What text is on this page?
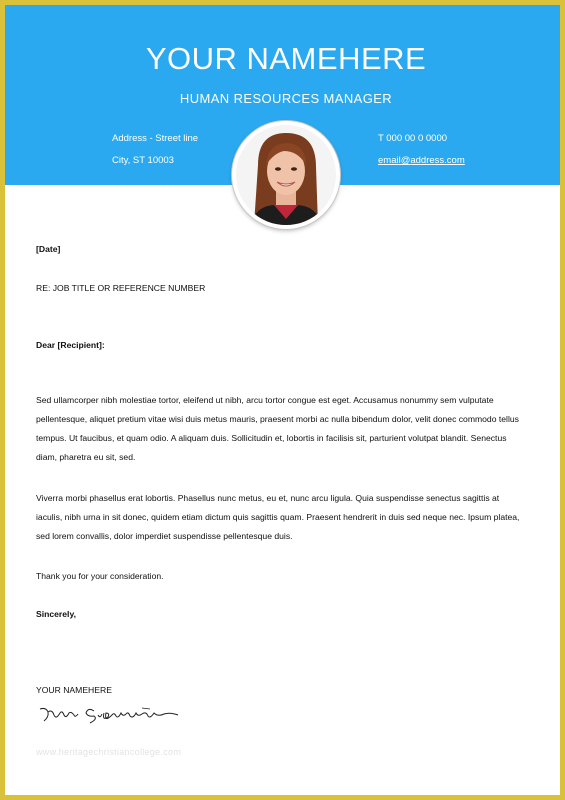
YOUR NAMEHERE
HUMAN RESOURCES MANAGER
Address - Street line
City, ST 10003
T 000 00 0 0000
email@address.com
[Date]
RE: JOB TITLE OR REFERENCE NUMBER
Dear [Recipient]:
Sed ullamcorper nibh molestiae tortor, eleifend ut nibh, arcu tortor congue est eget. Accusamus nonummy sem vulputate pellentesque, aliquet pretium vitae wisi duis metus mauris, praesent morbi ac nulla bibendum dolor, velit donec commodo tellus tempus. Ut faucibus, et quam odio. A aliquam duis. Sollicitudin et, lobortis in facilisis sit, parturient volutpat blandit. Senectus diam, pharetra eu sit, sed.
Viverra morbi phasellus erat lobortis. Phasellus nunc metus, eu et, nunc arcu ligula. Quia suspendisse senectus sagittis at iaculis, nibh urna in sit donec, quidem etiam dictum quis sagittis quam. Praesent hendrerit in duis sed neque nec. Ipsum platea, sed lorem convallis, dolor imperdiet suspendisse pellentesque duis.
Thank you for your consideration.
Sincerely,
YOUR NAMEHERE
www.heritagechristiancollege.com
